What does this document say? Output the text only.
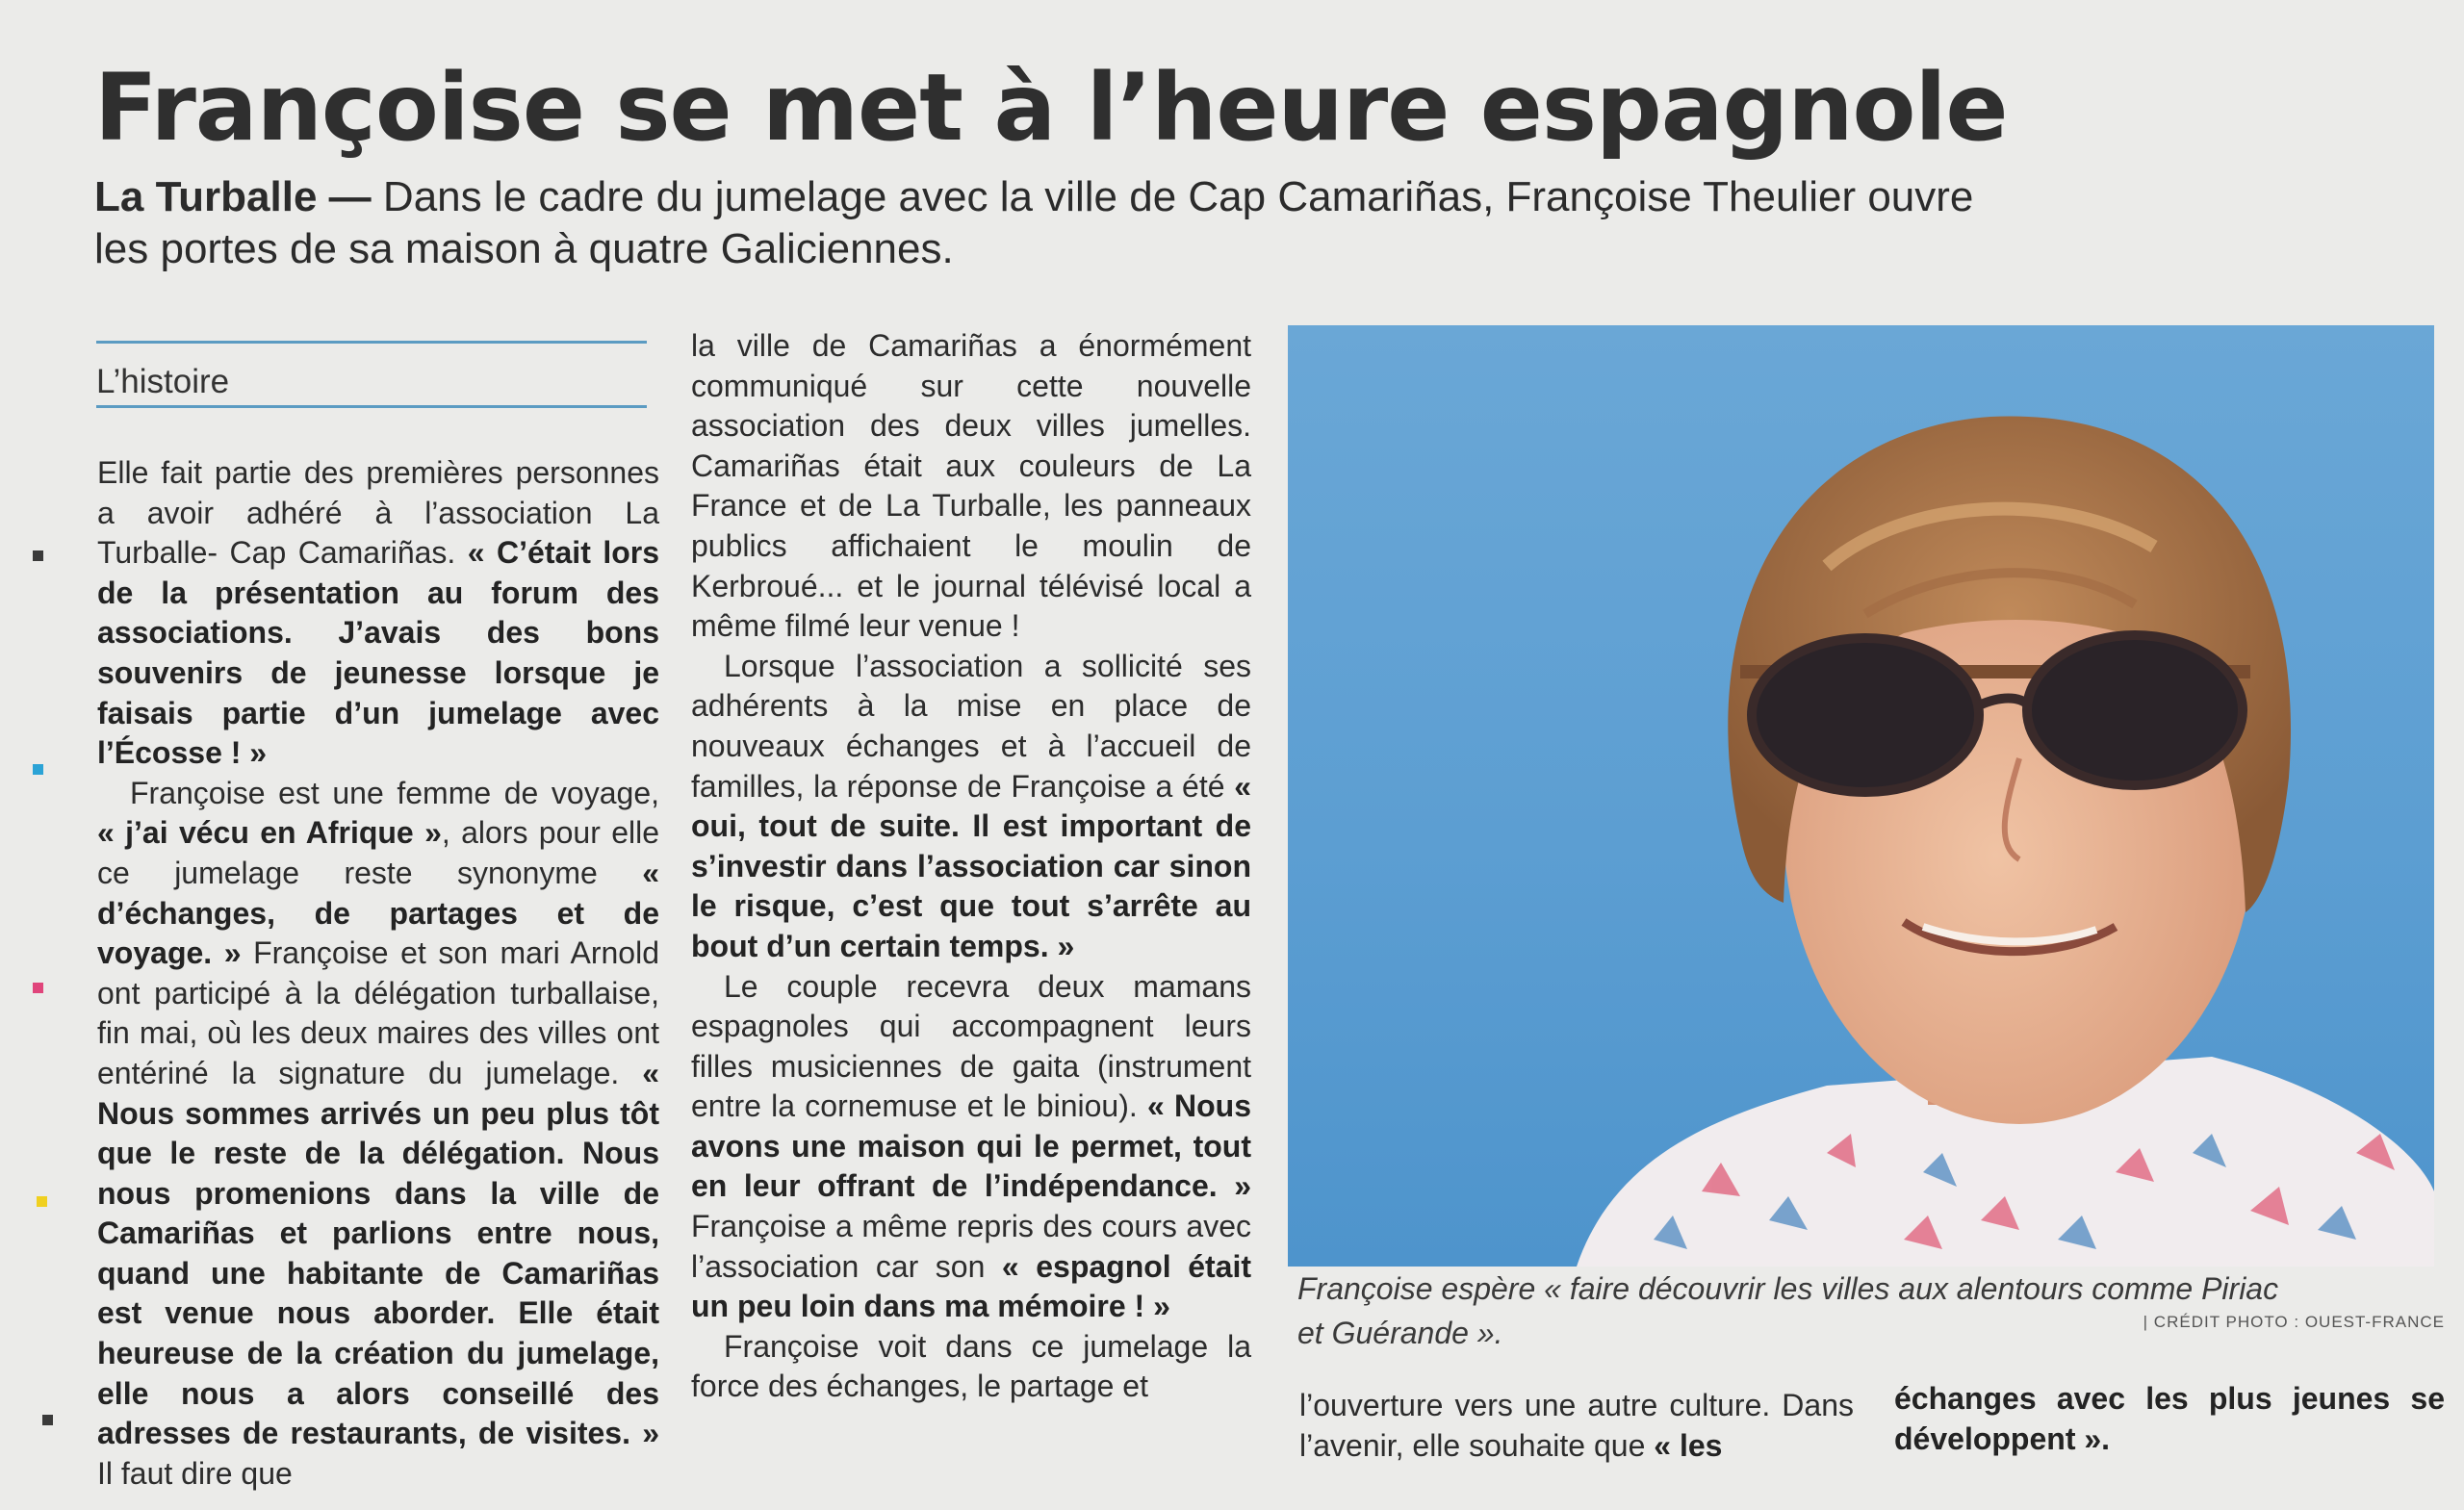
Françoise se met à l’heure espagnole
La Turballe — Dans le cadre du jumelage avec la ville de Cap Camariñas, Françoise Theulier ouvre les portes de sa maison à quatre Galiciennes.
L’histoire

Elle fait partie des premières personnes a avoir adhéré à l’association La Turballe- Cap Camariñas. « C’était lors de la présentation au forum des associations. J’avais des bons souvenirs de jeunesse lorsque je faisais partie d’un jumelage avec l’Écosse ! »

Françoise est une femme de voyage, « j’ai vécu en Afrique », alors pour elle ce jumelage reste synonyme « d’échanges, de partages et de voyage. » Françoise et son mari Arnold ont participé à la délégation turballaise, fin mai, où les deux maires des villes ont entériné la signature du jumelage. « Nous sommes arrivés un peu plus tôt que le reste de la délégation. Nous nous promenions dans la ville de Camariñas et parlions entre nous, quand une habitante de Camariñas est venue nous aborder. Elle était heureuse de la création du jumelage, elle nous a alors conseillé des adresses de restaurants, de visites. » Il faut dire que

la ville de Camariñas a énormément communiqué sur cette nouvelle association des deux villes jumelles. Camariñas était aux couleurs de La France et de La Turballe, les panneaux publics affichaient le moulin de Kerbroué... et le journal télévisé local a même filmé leur venue !

Lorsque l’association a sollicité ses adhérents à la mise en place de nouveaux échanges et à l’accueil de familles, la réponse de Françoise a été « oui, tout de suite. Il est important de s’investir dans l’association car sinon le risque, c’est que tout s’arrête au bout d’un certain temps. »

Le couple recevra deux mamans espagnoles qui accompagnent leurs filles musiciennes de gaita (instrument entre la cornemuse et le biniou). « Nous avons une maison qui le permet, tout en leur offrant de l’indépendance. » Françoise a même repris des cours avec l’association car son « espagnol était un peu loin dans ma mémoire ! »

Françoise voit dans ce jumelage la force des échanges, le partage et

Françoise espère « faire découvrir les villes aux alentours comme Piriac et Guérande ».	| CRÉDIT PHOTO : OUEST-FRANCE
l’ouverture vers une autre culture. Dans l’avenir, elle souhaite que « les
échanges avec les plus jeunes se développent ».
